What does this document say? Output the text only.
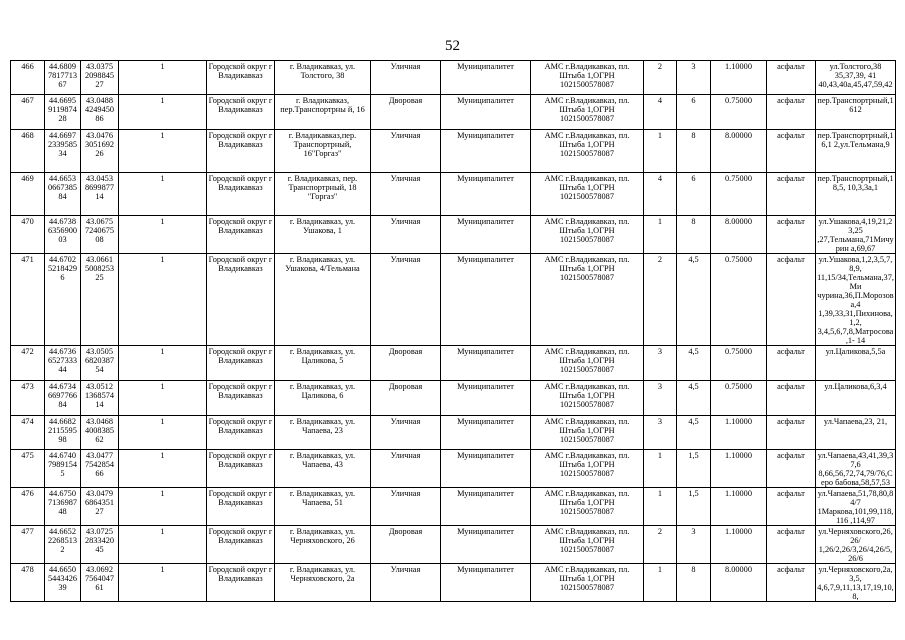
52
466	44.6809 7817713 67	43.0375 2098845 27	1	Городской округ г Владикавказ	г. Владикавказ, ул. Толстого, 38	Уличная	Муниципалитет	АМС г.Владикавказ, пл. Штыба 1,ОГРН 1021500578087	2	3	1.10000	асфальт	ул.Толстого,38 35,37,39, 41 40,43,40а,45,47,59,42
467	44.6695 9119874 28	43.0488 4249450 86	1	Городской округ г Владикавказ	г. Владикавказ, пер.Транспортрны й, 16	Дворовая	Муниципалитет	АМС г.Владикавказ, пл. Штыба 1,ОГРН 1021500578087	4	6	0.75000	асфальт	пер.Транспортрный,1612
468	44.6697 2339585 34	43.0476 3051692 26	1	Городской округ г Владикавказ	г. Владикавказ,пер. Транспортрный, 16"Горгаз"	Уличная	Муниципалитет	АМС г.Владикавказ, пл. Штыба 1,ОГРН 1021500578087	1	8	8.00000	асфальт	пер.Транспортрный,16,1 2,ул.Тельмана,9
469	44.6653 0667385 84	43.0453 8699877 14	1	Городской округ г Владикавказ	г. Владикавказ, пер. Транспортрный, 18 "Горгаз"	Уличная	Муниципалитет	АМС г.Владикавказ, пл. Штыба 1,ОГРН 1021500578087	4	6	0.75000	асфальт	пер.Транспортрный,18,5, 10,3,3а,1
470	44.6738 6356900 03	43.0675 7240675 08	1	Городской округ г Владикавказ	г. Владикавказ, ул. Ушакова, 1	Уличная	Муниципалитет	АМС г.Владикавказ, пл. Штыба 1,ОГРН 1021500578087	1	8	8.00000	асфальт	ул.Ушакова,4,19,21,23,25 ,27,Тельмана,71Мичурин а,69,67
471	44.6702 5218429 6	43.0661 5008253 25	1	Городской округ г Владикавказ	г. Владикавказ, ул. Ушакова, 4/Тельмана	Уличная	Муниципалитет	АМС г.Владикавказ, пл. Штыба 1,ОГРН 1021500578087	2	4,5	0.75000	асфальт	ул.Ушакова,1,2,3,5,7,8,9, 11,15/34,Тельмана,37,Ми чурина,36,П.Морозова,4 1,39,33,31,Пихинова,1,2, 3,4,5,6,7,8,Матросова,1- 14
472	44.6736 6527333 44	43.0505 6820387 54	1	Городской округ г Владикавказ	г. Владикавказ, ул. Цаликова, 5	Дворовая	Муниципалитет	АМС г.Владикавказ, пл. Штыба 1,ОГРН 1021500578087	3	4,5	0.75000	асфальт	ул.Цаликова,5,5а
473	44.6734 6697766 84	43.0512 1368574 14	1	Городской округ г Владикавказ	г. Владикавказ, ул. Цаликова, 6	Дворовая	Муниципалитет	АМС г.Владикавказ, пл. Штыба 1,ОГРН 1021500578087	3	4,5	0.75000	асфальт	ул.Цаликова,6,3,4
474	44.6682 2115595 98	43.0468 4008385 62	1	Городской округ г Владикавказ	г. Владикавказ, ул. Чапаева, 23	Уличная	Муниципалитет	АМС г.Владикавказ, пл. Штыба 1,ОГРН 1021500578087	3	4,5	1.10000	асфальт	ул.Чапаева,23, 21,
475	44.6740 7989154 5	43.0477 7542854 66	1	Городской округ г Владикавказ	г. Владикавказ, ул. Чапаева, 43	Уличная	Муниципалитет	АМС г.Владикавказ, пл. Штыба 1,ОГРН 1021500578087	1	1,5	1.10000	асфальт	ул.Чапаева,43,41,39,37,6 8,66,56,72,74,79/76,Серо бабова,58,57,53
476	44.6750 7136987 48	43.0479 6864351 27	1	Городской округ г Владикавказ	г. Владикавказ, ул. Чапаева, 51	Уличная	Муниципалитет	АМС г.Владикавказ, пл. Штыба 1,ОГРН 1021500578087	1	1,5	1.10000	асфальт	ул.Чапаева,51,78,80,84/7 1Маркова,101,99,118,116 ,114,97
477	44.6652 2268513 2	43.0725 2833420 45	1	Городской округ г Владикавказ	г. Владикавказ, ул. Черняховского, 26	Дворовая	Муниципалитет	АМС г.Владикавказ, пл. Штыба 1,ОГРН 1021500578087	2	3	1.10000	асфальт	ул.Черняховского,26,26/ 1,26/2,26/3,26/4,26/5,26/6
478	44.6650 5443426 39	43.0692 7564047 61	1	Городской округ г Владикавказ	г. Владикавказ, ул. Черняховского, 2а	Уличная	Муниципалитет	АМС г.Владикавказ, пл. Штыба 1,ОГРН 1021500578087	1	8	8.00000	асфальт	ул.Черняховского,2а,3,5, 4,6,7,9,11,13,17,19,10,8,
